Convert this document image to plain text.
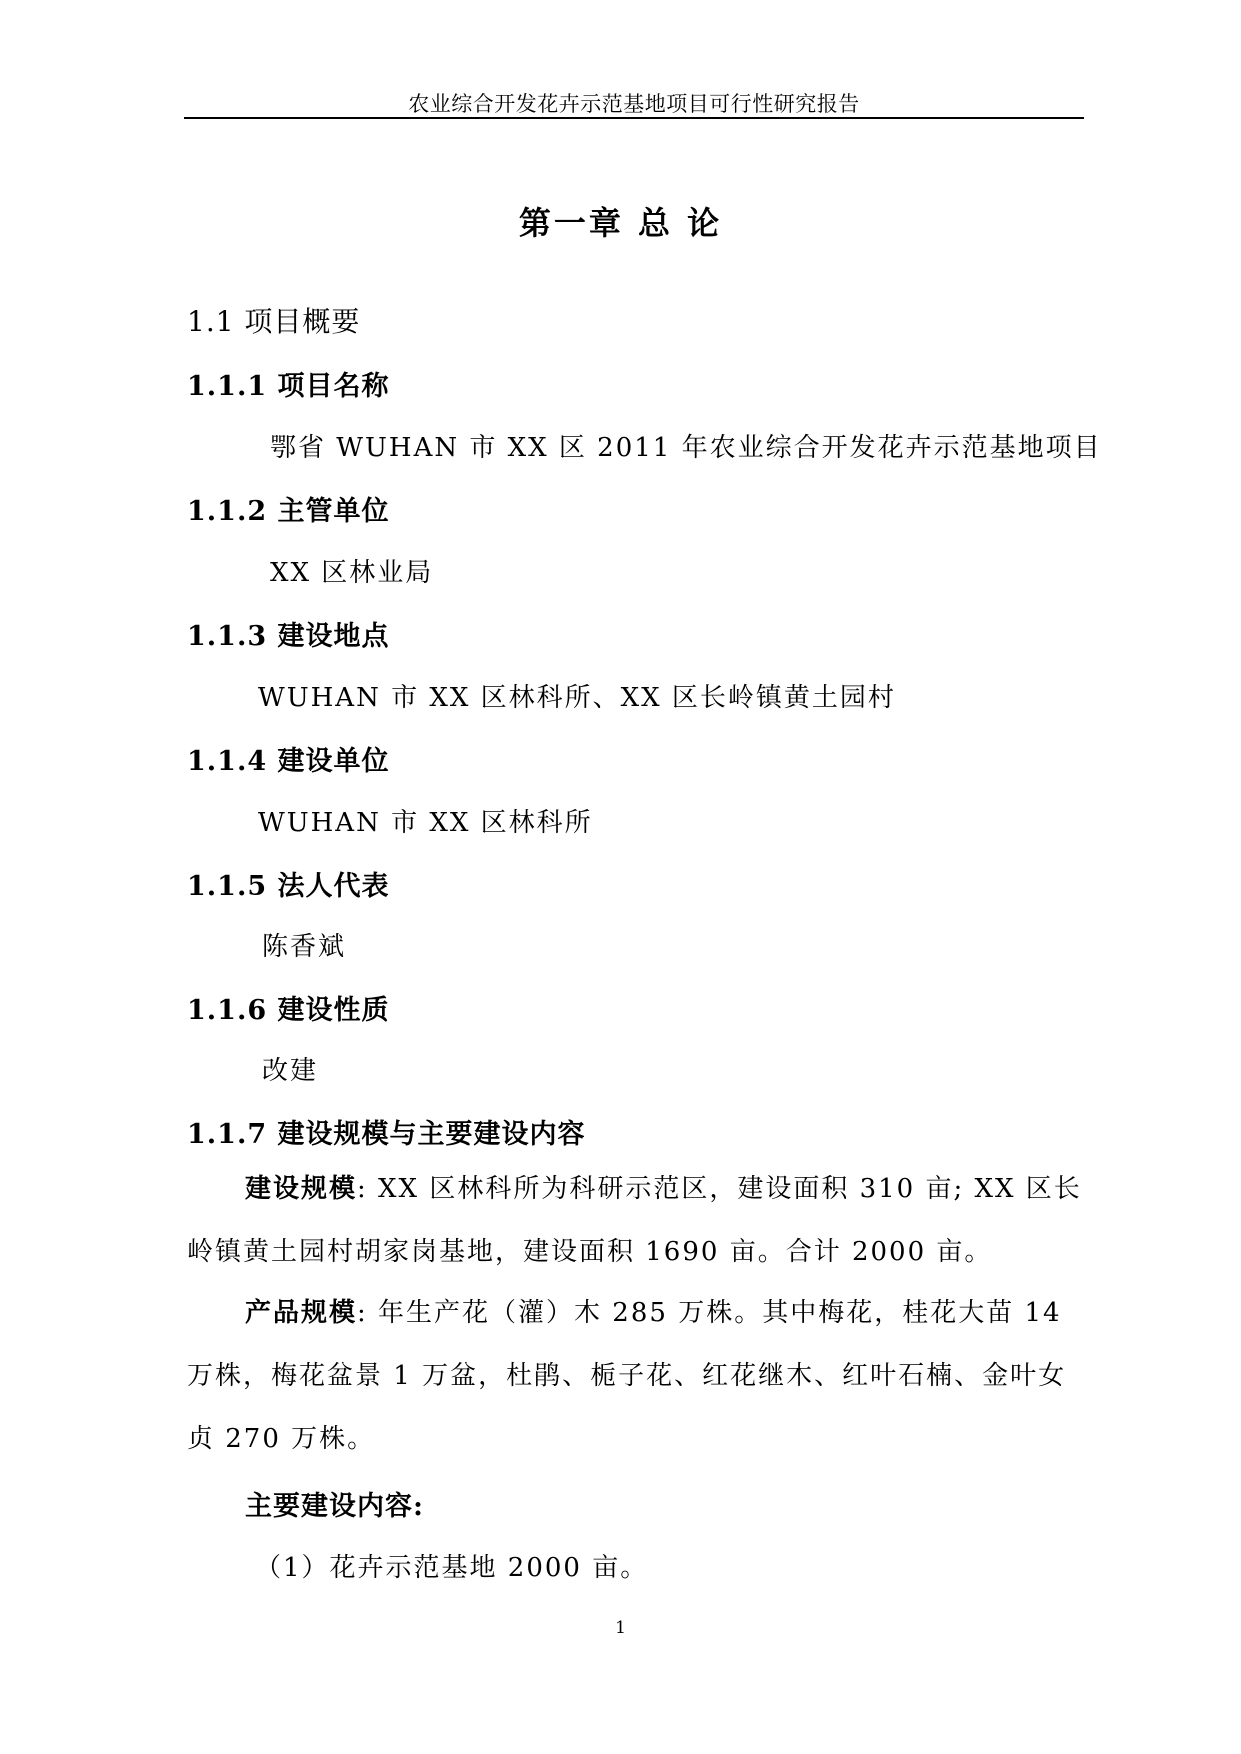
农业综合开发花卉示范基地项目可行性研究报告
第一章 总 论
1.1 项目概要
1.1.1 项目名称
鄂省 WUHAN 市 XX 区 2011 年农业综合开发花卉示范基地项目
1.1.2 主管单位
XX 区林业局
1.1.3 建设地点
WUHAN 市 XX 区林科所、XX 区长岭镇黄土园村
1.1.4 建设单位
WUHAN 市 XX 区林科所
1.1.5 法人代表
陈香斌
1.1.6 建设性质
改建
1.1.7 建设规模与主要建设内容

建设规模: XX 区林科所为科研示范区，建设面积 310 亩; XX 区长岭镇黄土园村胡家岗基地，建设面积 1690 亩。合计 2000 亩。

产品规模: 年生产花（灌）木 285 万株。其中梅花，桂花大苗 14 万株，梅花盆景 1 万盆，杜鹃、栀子花、红花继木、红叶石楠、金叶女贞 270 万株。

主要建设内容:
（1）花卉示范基地 2000 亩。
1
